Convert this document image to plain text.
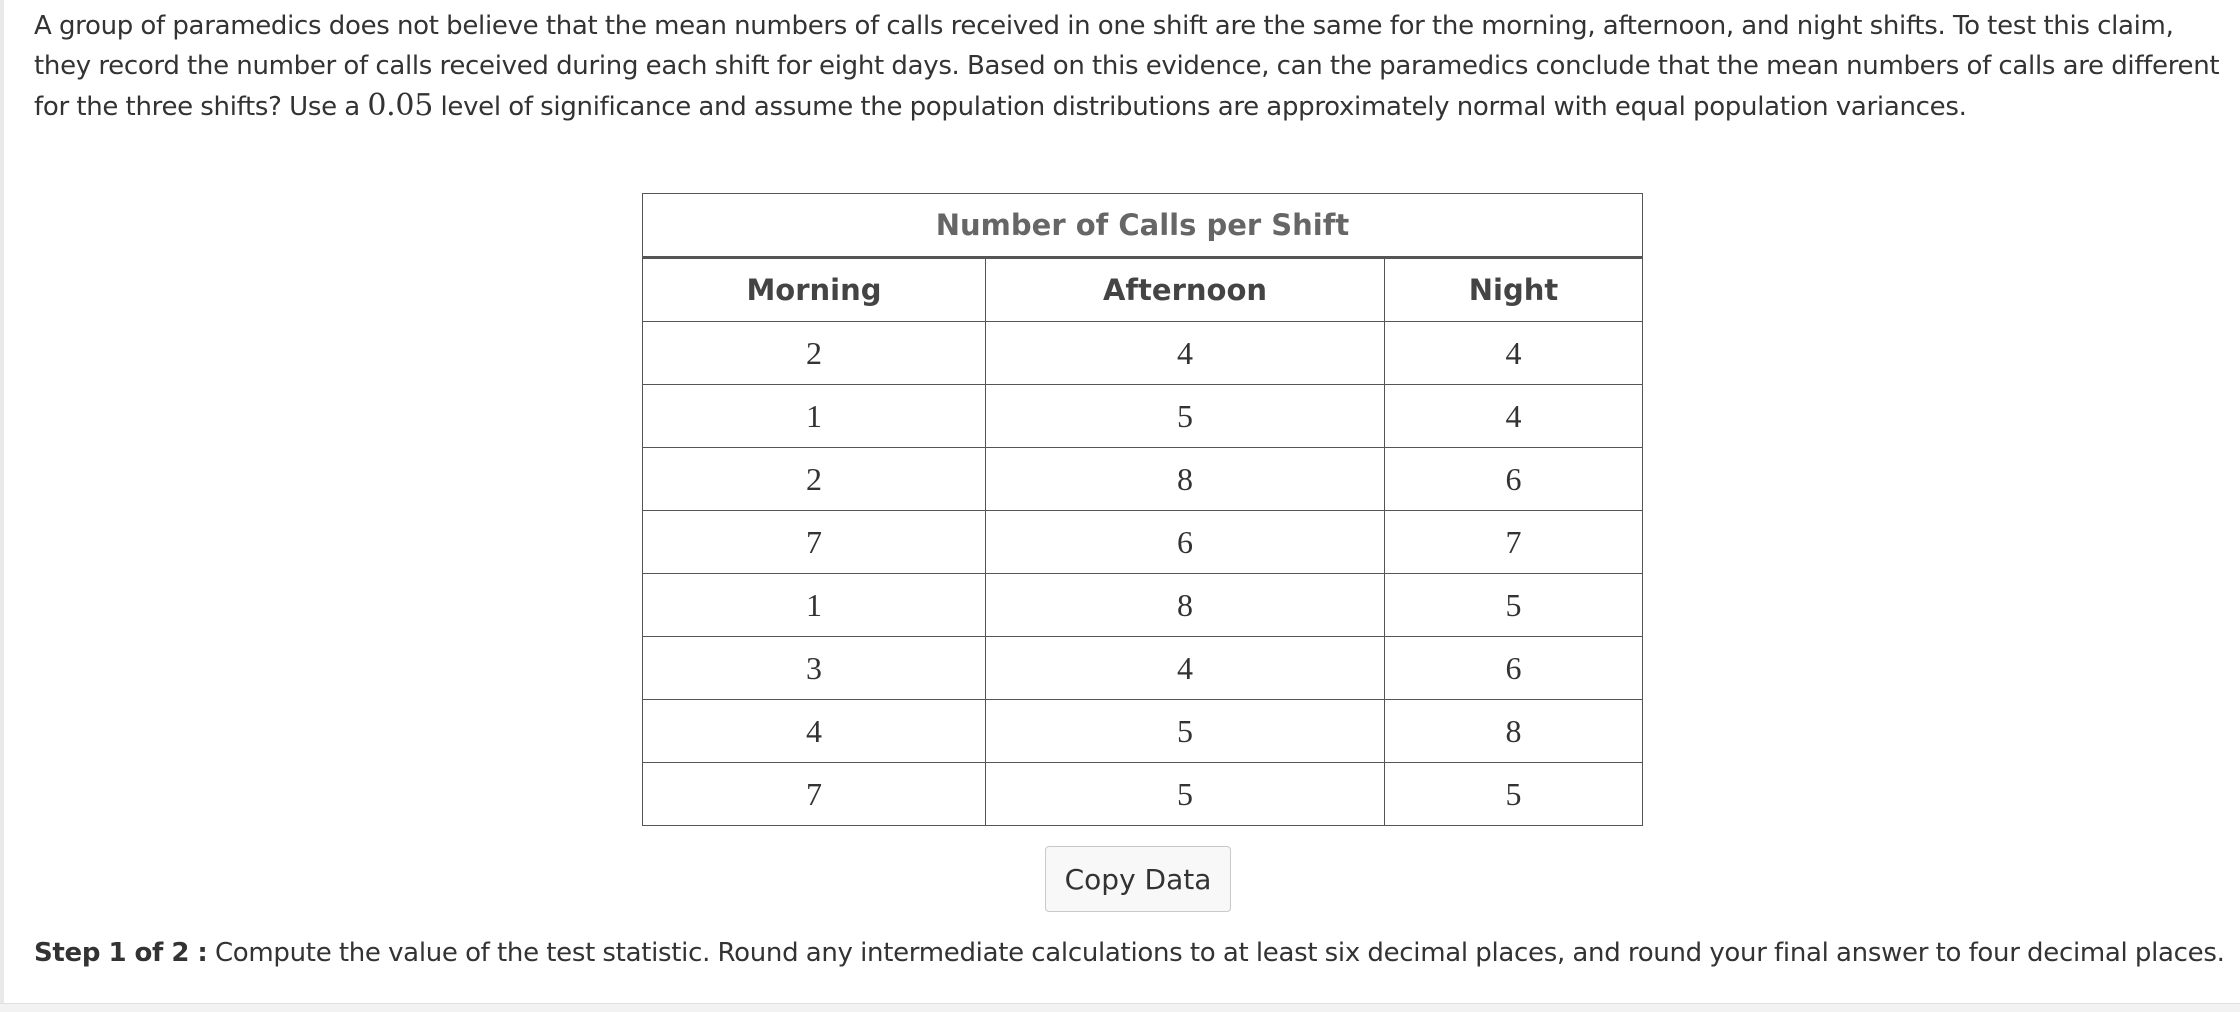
A group of paramedics does not believe that the mean numbers of calls received in one shift are the same for the morning, afternoon, and night shifts. To test this claim, they record the number of calls received during each shift for eight days. Based on this evidence, can the paramedics conclude that the mean numbers of calls are different for the three shifts? Use a 0.05 level of significance and assume the population distributions are approximately normal with equal population variances.
Number of Calls per Shift		
Morning	Afternoon	Night
2	4	4
1	5	4
2	8	6
7	6	7
1	8	5
3	4	6
4	5	8
7	5	5
Copy Data
Step 1 of 2 : Compute the value of the test statistic. Round any intermediate calculations to at least six decimal places, and round your final answer to four decimal places.
